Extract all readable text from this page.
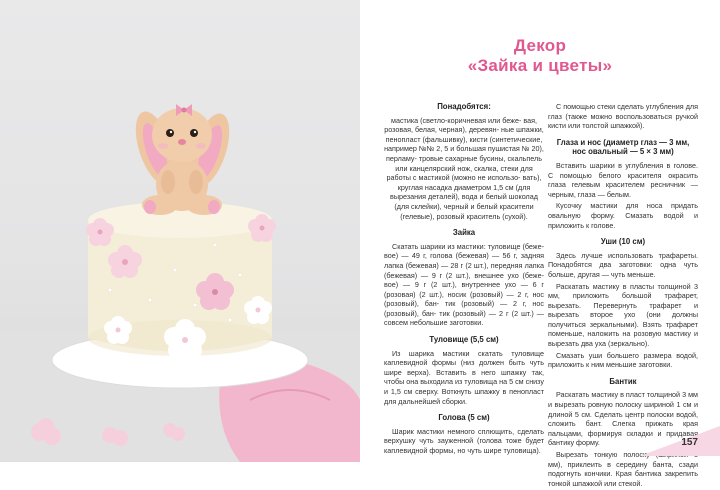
Декор
«Зайка и цветы»
Понадобятся:
мастика (светло-коричневая или беже- вая, розовая, белая, черная), деревян- ные шпажки, пенопласт (фальшивку), кисти (синтетические, например №№ 2, 5 и большая пушистая № 20), перламу- тровые сахарные бусины, скальпель или канцелярский нож, скалка, стеки для работы с мастикой (можно не использо- вать), круглая насадка диаметром 1,5 см (для вырезания деталей), вода и белый шоколад (для склейки), черный и белый красители (гелевые), розовый краситель (сухой).
Зайка
Скатать шарики из мастики: туловище (беже- вое) — 49 г, голова (бежевая) — 56 г, задняя лапка (бежевая) — 28 г (2 шт.), передняя лапка (бежевая) — 9 г (2 шт.), внешнее ухо (беже- вое) — 9 г (2 шт.), внутреннее ухо — 6 г (розовая) (2 шт.), носик (розовый) — 2 г, нос (розовый), бан- тик (розовый) — 2 г, нос (розовый), бан- тик (розовый) — 2 г (2 шт.) — совсем небольшие заготовки.
Туловище (5,5 см)
Из шарика мастики скатать туловище каплевидной формы (низ должен быть чуть шире верха). Вставить в него шпажку так, чтобы она выходила из туловища на 5 см снизу и 1,5 см сверху. Воткнуть шпажку в пенопласт для дальнейшей сборки.
Голова (5 см)
Шарик мастики немного сплющить, сделать верхушку чуть зауженной (голова тоже будет каплевидной формы, но чуть шире туловища).
С помощью стеки сделать углубления для глаз (также можно воспользоваться ручкой кисти или толстой шпажкой).
Глаза и нос (диаметр глаз — 3 мм,
нос овальный — 5 × 3 мм)
Вставить шарики в углубления в голове. С помощью белого красителя окрасить глаза гелевым красителем ресничник — черным, глаза — белым.
Кусочку мастики для носа придать овальную форму. Смазать водой и приложить к голове.
Уши (10 см)
Здесь лучше использовать трафареты. Понадобятся два заготовки: одна чуть больше, другая — чуть меньше.
Раскатать мастику в пласты толщиной 3 мм, приложить большой трафарет, вырезать. Перевернуть трафарет и вырезать второе ухо (они должны получиться зеркальными). Взять трафарет поменьше, наложить на розовую мастику и вырезать два уха (зеркально).
Смазать уши большего размера водой, приложить к ним меньшие заготовки.
Бантик
Раскатать мастику в пласт толщиной 3 мм и вырезать ровную полоску шириной 1 см и длиной 5 см. Сделать центр полоски водой, сложить бант. Слегка прижать края пальцами, формируя складки и придавая бантику форму.
Вырезать тонкую полоску (шириной 3 мм), приклеить в середину банта, сзади подогнуть кончики. Края бантика закрепить тонкой шпажкой или стекой.
157
